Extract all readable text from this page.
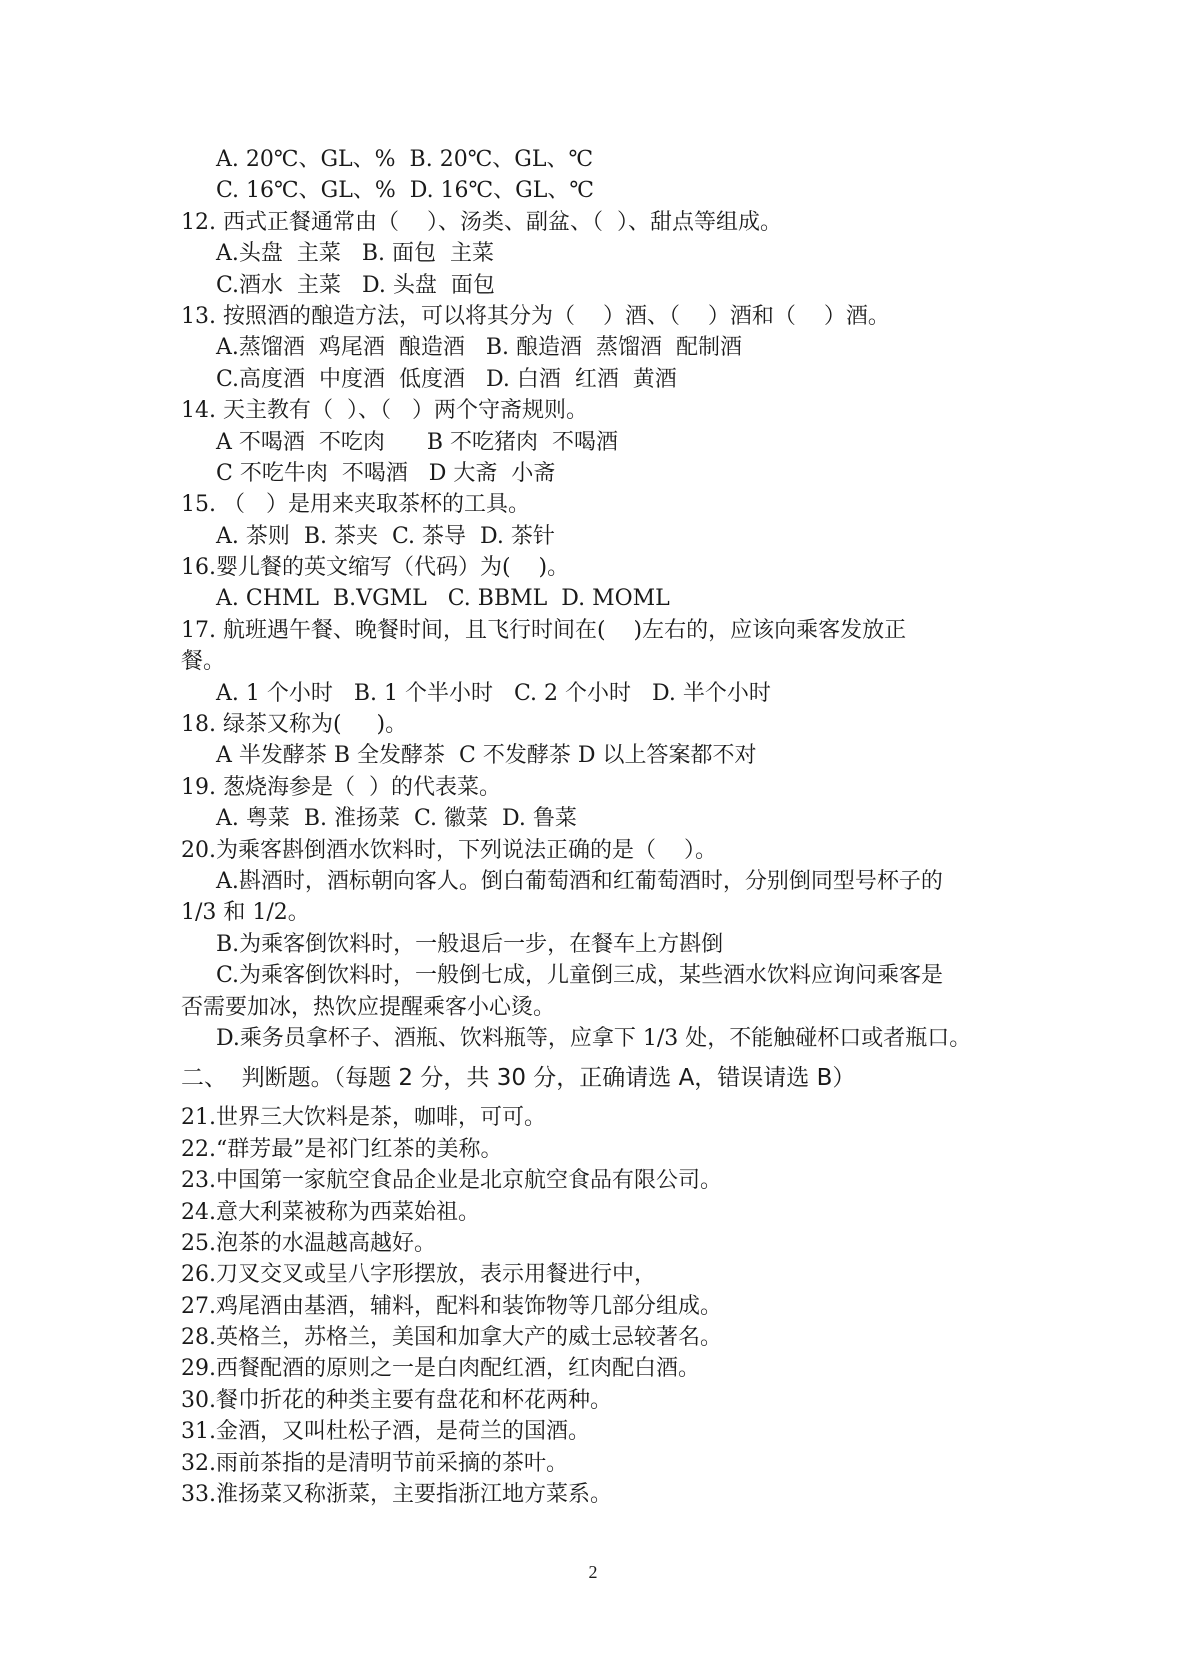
A. 20℃、GL、%  B. 20℃、GL、℃
C. 16℃、GL、%  D. 16℃、GL、℃
12. 西式正餐通常由（    ）、汤类、副盆、（  ）、甜点等组成。
A.头盘  主菜   B. 面包  主菜
C.酒水  主菜   D. 头盘  面包
13. 按照酒的酿造方法，可以将其分为（    ）酒、（    ）酒和（    ）酒。
A.蒸馏酒  鸡尾酒  酿造酒   B. 酿造酒  蒸馏酒  配制酒
C.高度酒  中度酒  低度酒   D. 白酒  红酒  黄酒
14. 天主教有（  ）、（   ）两个守斋规则。
A 不喝酒  不吃肉      B 不吃猪肉  不喝酒
C 不吃牛肉  不喝酒   D 大斋  小斋
15. （   ）是用来夹取茶杯的工具。
A. 茶则  B. 茶夹  C. 茶导  D. 茶针
16.婴儿餐的英文缩写（代码）为(    )。
A. CHML  B.VGML   C. BBML  D. MOML
17. 航班遇午餐、晚餐时间，且飞行时间在(    )左右的，应该向乘客发放正
餐。
A. 1 个小时   B. 1 个半小时   C. 2 个小时   D. 半个小时
18. 绿茶又称为(     )。
A 半发酵茶 B 全发酵茶  C 不发酵茶 D 以上答案都不对
19. 葱烧海参是（  ）的代表菜。
A. 粤菜  B. 淮扬菜  C. 徽菜  D. 鲁菜
20.为乘客斟倒酒水饮料时，下列说法正确的是（    ）。
A.斟酒时，酒标朝向客人。倒白葡萄酒和红葡萄酒时，分别倒同型号杯子的
1/3 和 1/2。
B.为乘客倒饮料时，一般退后一步，在餐车上方斟倒
C.为乘客倒饮料时，一般倒七成，儿童倒三成，某些酒水饮料应询问乘客是
否需要加冰，热饮应提醒乘客小心烫。
D.乘务员拿杯子、酒瓶、饮料瓶等，应拿下 1/3 处，不能触碰杯口或者瓶口。
二、  判断题。（每题 2 分，共 30 分，正确请选 A，错误请选 B）
21.世界三大饮料是茶，咖啡，可可。
22.“群芳最”是祁门红茶的美称。
23.中国第一家航空食品企业是北京航空食品有限公司。
24.意大利菜被称为西菜始祖。
25.泡茶的水温越高越好。
26.刀叉交叉或呈八字形摆放，表示用餐进行中，
27.鸡尾酒由基酒，辅料，配料和装饰物等几部分组成。
28.英格兰，苏格兰，美国和加拿大产的威士忌较著名。
29.西餐配酒的原则之一是白肉配红酒，红肉配白酒。
30.餐巾折花的种类主要有盘花和杯花两种。
31.金酒，又叫杜松子酒，是荷兰的国酒。
32.雨前茶指的是清明节前采摘的茶叶。
33.淮扬菜又称浙菜，主要指浙江地方菜系。
2
